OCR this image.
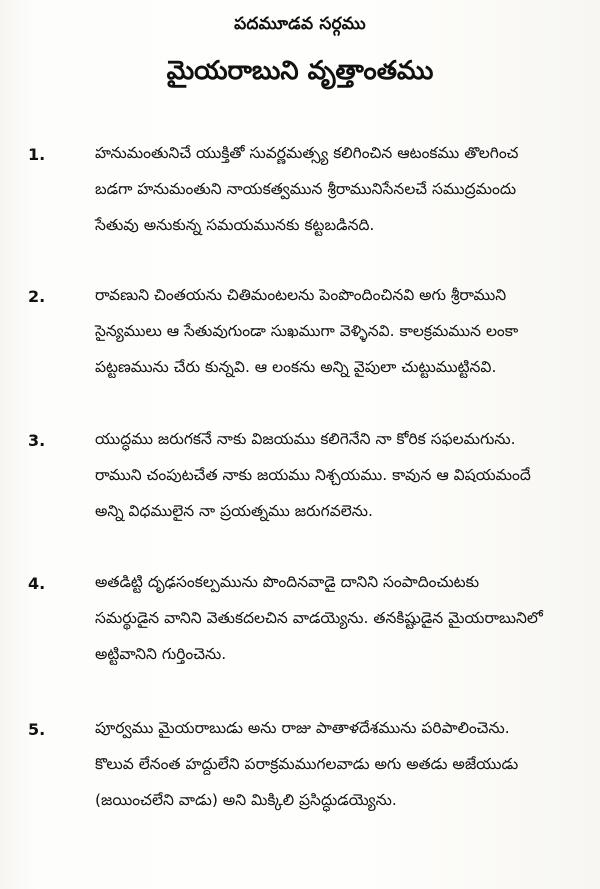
పదమూడవ సర్గము
మైయరాబుని వృత్తాంతము
1.	హనుమంతునిచే యుక్తితో సువర్ణమత్స్య కలిగించిన ఆటంకము తొలగించ
బడగా హనుమంతుని నాయకత్వమున శ్రీరామునిసేనలచే సముద్రమందు
సేతువు అనుకున్న సమయమునకు కట్టబడినది.
2.	రావణుని చింతయను చితిమంటలను పెంపొందించినవి అగు శ్రీరాముని
సైన్యములు ఆ సేతువుగుండా సుఖముగా వెళ్ళినవి. కాలక్రమమున లంకా
పట్టణమును చేరు కున్నవి. ఆ లంకను అన్ని వైపులా చుట్టుముట్టినవి.
3.	యుద్ధము జరుగకనే నాకు విజయము కలిగెనేని నా కోరిక సఫలమగును.
రాముని చంపుటచేత నాకు జయము నిశ్చయము. కావున ఆ విషయమందే
అన్ని విధములైన నా ప్రయత్నము జరుగవలెను.
4.	అతడిట్టి దృఢసంకల్పమును పొందినవాడై దానిని సంపాదించుటకు
సమర్థుడైన వానిని వెతుకదలచిన వాడయ్యెను. తనకిష్టుడైన మైయరాబునిలో
అట్టివానిని గుర్తించెను.
5.	పూర్వము మైయరాబుడు అను రాజు పాతాళదేశమును పరిపాలించెను.
కొలువ లేనంత హద్దులేని పరాక్రమముగలవాడు అగు అతడు అజేయుడు
(జయించలేని వాడు) అని మిక్కిలి ప్రసిద్ధుడయ్యెను.
